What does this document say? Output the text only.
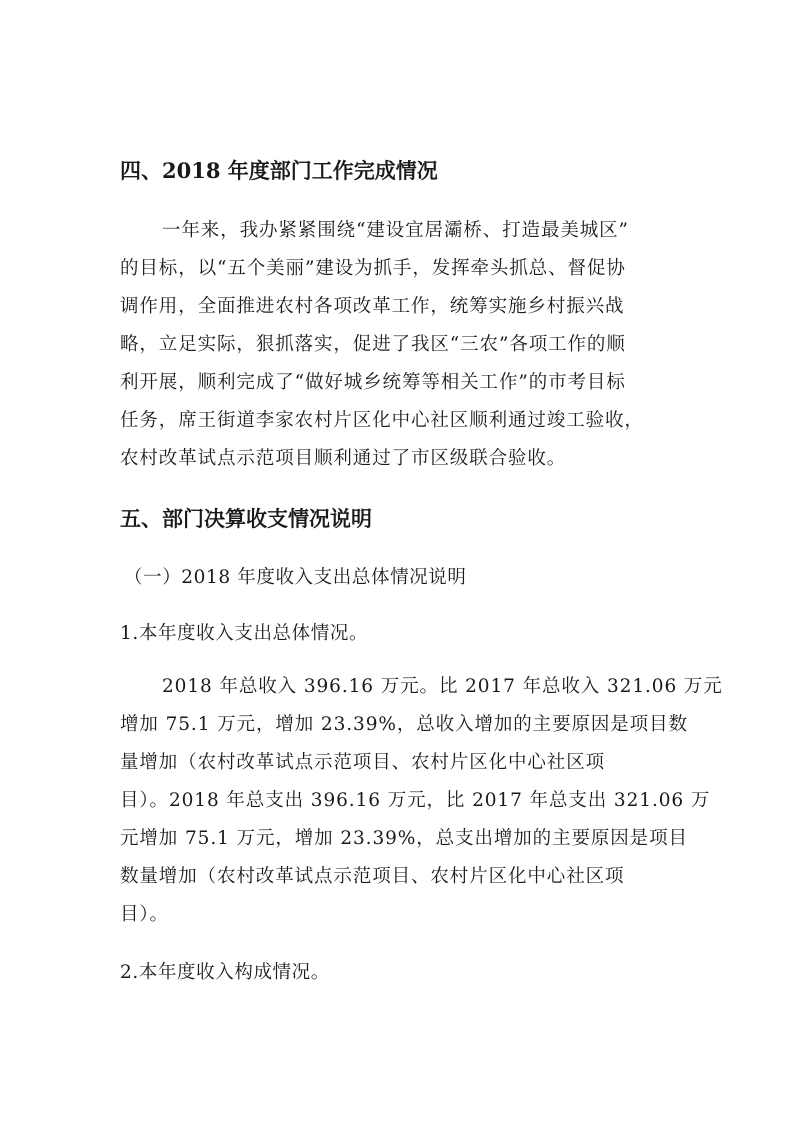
四、2018 年度部门工作完成情况
一年来，我办紧紧围绕“建设宜居灞桥、打造最美城区”
的目标，以“五个美丽”建设为抓手，发挥牵头抓总、督促协
调作用，全面推进农村各项改革工作，统筹实施乡村振兴战
略，立足实际，狠抓落实，促进了我区“三农”各项工作的顺
利开展，顺利完成了“做好城乡统筹等相关工作”的市考目标
任务，席王街道李家农村片区化中心社区顺利通过竣工验收，
农村改革试点示范项目顺利通过了市区级联合验收。
五、部门决算收支情况说明
（一）2018 年度收入支出总体情况说明
1.本年度收入支出总体情况。
2018 年总收入 396.16 万元。比 2017 年总收入 321.06 万元
增加 75.1 万元，增加 23.39%，总收入增加的主要原因是项目数
量增加（农村改革试点示范项目、农村片区化中心社区项
目）。2018 年总支出 396.16 万元，比 2017 年总支出 321.06 万
元增加 75.1 万元，增加 23.39%，总支出增加的主要原因是项目
数量增加（农村改革试点示范项目、农村片区化中心社区项
目）。
2.本年度收入构成情况。
